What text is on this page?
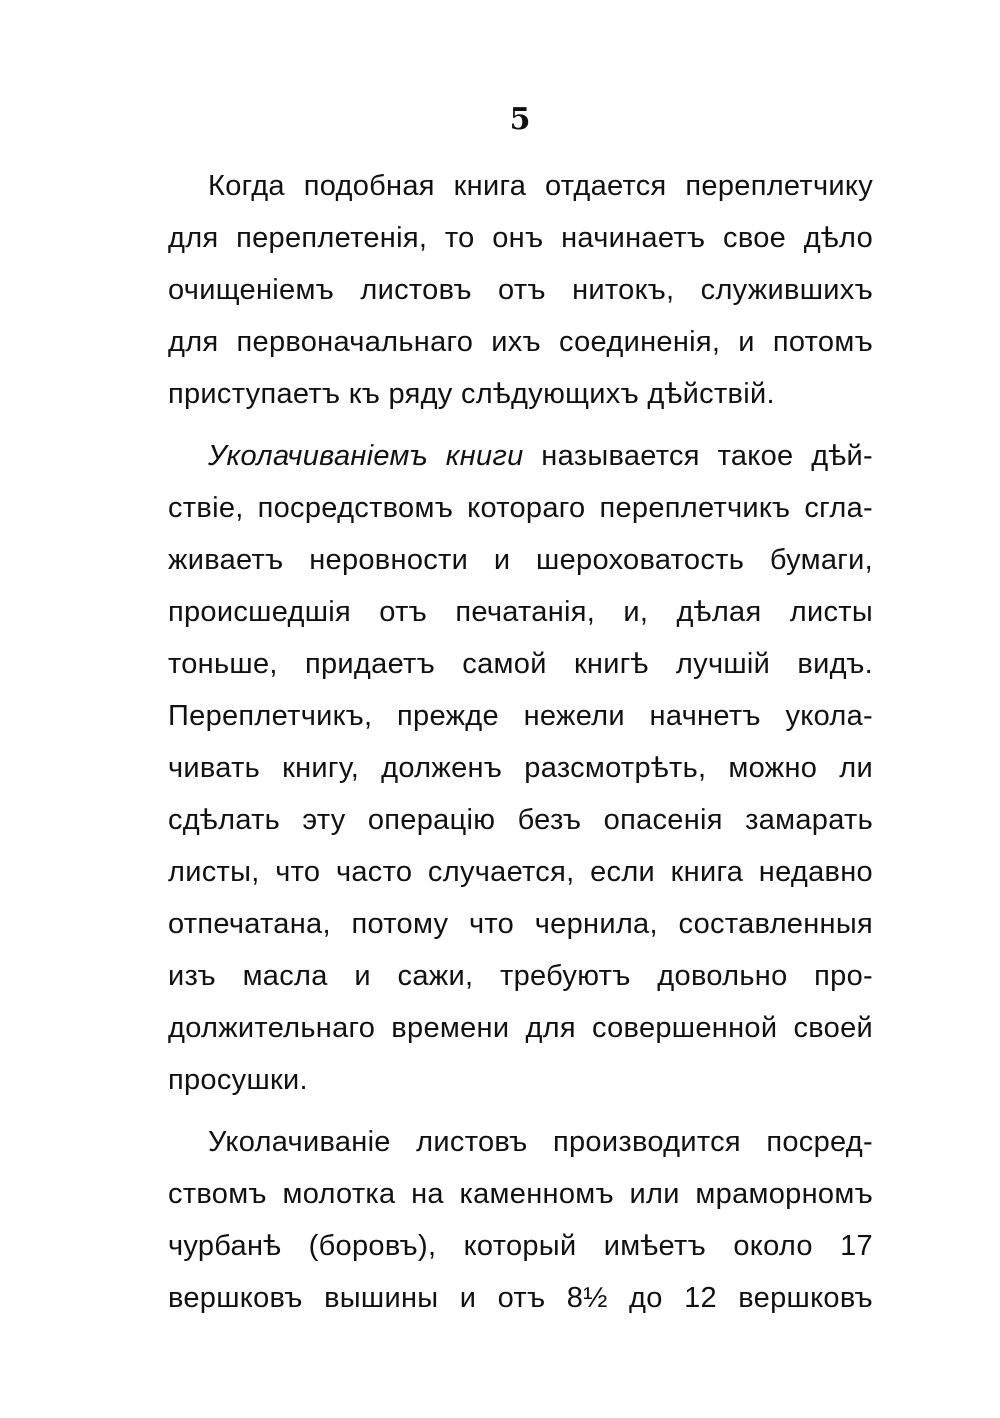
5
Когда подобная книга отдается переплетчику
для переплетенія, то онъ начинаетъ свое дѣло
очищеніемъ листовъ отъ нитокъ, служившихъ
для первоначальнаго ихъ соединенія, и потомъ
приступаетъ къ ряду слѣдующихъ дѣйствій.
Уколачиваніемъ книги называется такое дѣй-
ствіе, посредствомъ котораго переплетчикъ сгла-
живаетъ неровности и шероховатость бумаги,
происшедшія отъ печатанія, и, дѣлая листы
тоньше, придаетъ самой книгѣ лучшій видъ.
Переплетчикъ, прежде нежели начнетъ укола-
чивать книгу, долженъ разсмотрѣть, можно ли
сдѣлать эту операцію безъ опасенія замарать
листы, что часто случается, если книга недавно
отпечатана, потому что чернила, составленныя
изъ масла и сажи, требуютъ довольно про-
должительнаго времени для совершенной своей
просушки.
Уколачиваніе листовъ производится посред-
ствомъ молотка на каменномъ или мраморномъ
чурбанѣ (боровъ), который имѣетъ около 17
вершковъ вышины и отъ 8½ до 12 вершковъ
